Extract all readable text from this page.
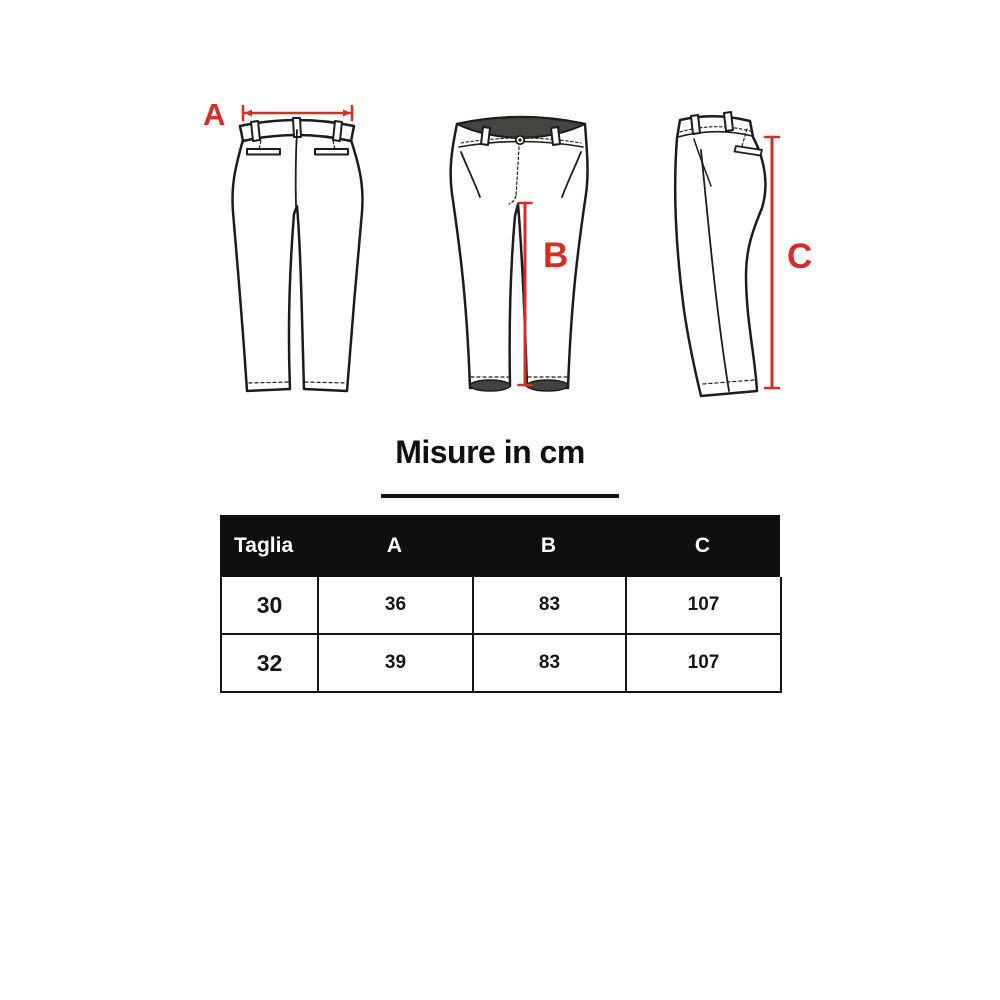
A
B	C
Misure in cm
Taglia	A	B	C
30	36	83	107
32	39	83	107
